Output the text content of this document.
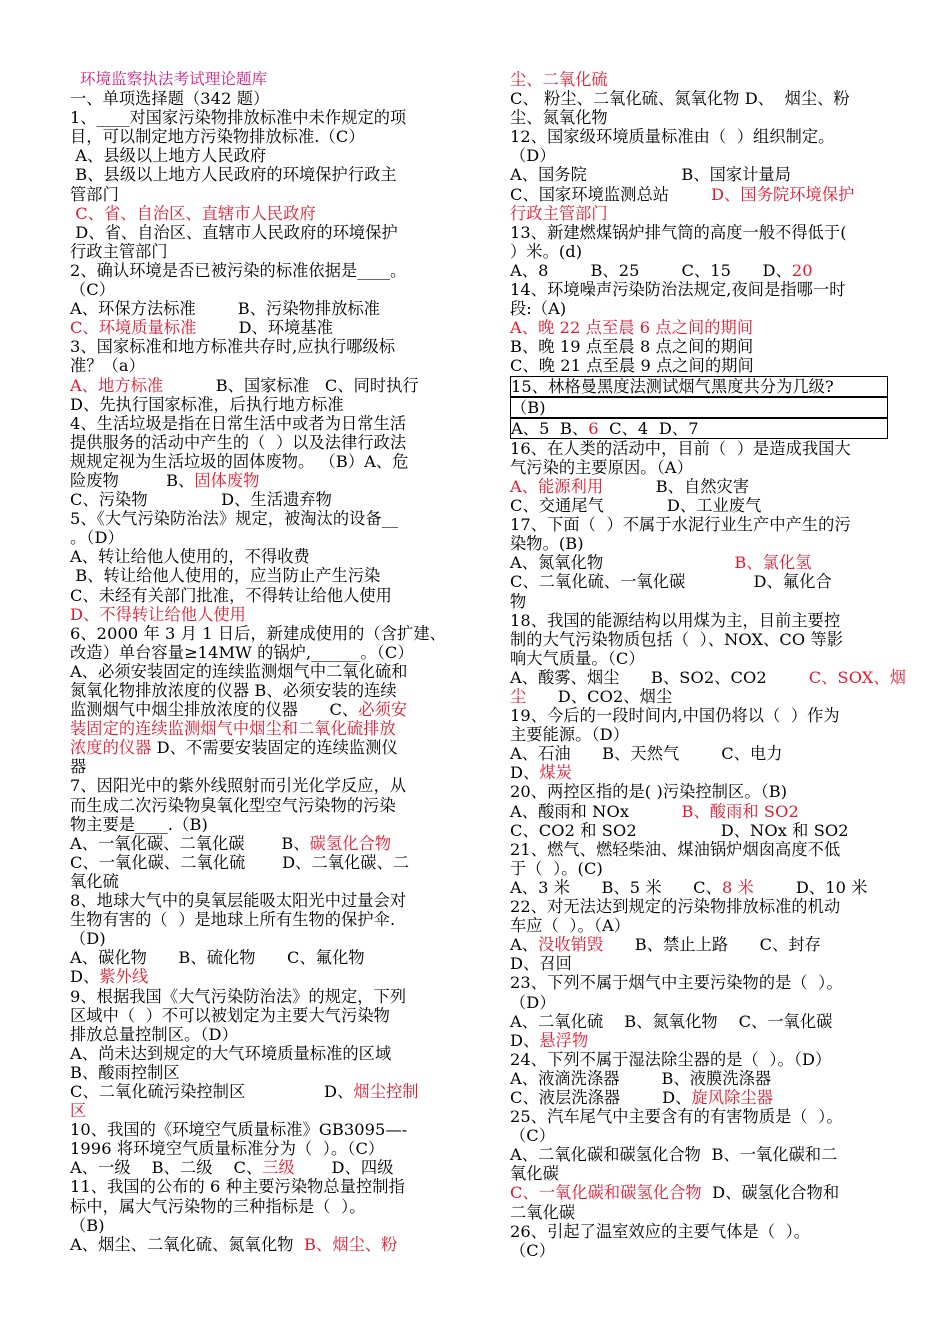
环境监察执法考试理论题库
一、单项选择题（342 题）
1、____对国家污染物排放标准中未作规定的项
目，可以制定地方污染物排放标准.（C）
A、县级以上地方人民政府
B、县级以上地方人民政府的环境保护行政主
管部门
C、省、自治区、直辖市人民政府
D、省、自治区、直辖市人民政府的环境保护
行政主管部门
2、确认环境是否已被污染的标准依据是____。
（C）
A、环保方法标准        B、污染物排放标准
C、环境质量标准        D、环境基准
3、国家标准和地方标准共存时,应执行哪级标
准？（a）
A、地方标准          B、国家标准   C、同时执行
D、先执行国家标准，后执行地方标准
4、生活垃圾是指在日常生活中或者为日常生活
提供服务的活动中产生的（  ）以及法律行政法
规规定视为生活垃圾的固体废物。 （B）A、危
险废物         B、固体废物
C、污染物              D、生活遗弃物
5、《大气污染防治法》规定，被淘汰的设备__
。（D）
A、转让给他人使用的，不得收费
B、转让给他人使用的，应当防止产生污染
C、未经有关部门批准，不得转让给他人使用
D、不得转让给他人使用
6、2000 年 3 月 1 日后，新建成使用的（含扩建、
改造）单台容量≥14MW 的锅炉,______。（C）
A、必须安装固定的连续监测烟气中二氧化硫和
氮氧化物排放浓度的仪器 B、必须安装的连续
监测烟气中烟尘排放浓度的仪器      C、必须安
装固定的连续监测烟气中烟尘和二氧化硫排放
浓度的仪器 D、不需要安装固定的连续监测仪
器
7、因阳光中的紫外线照射而引光化学反应，从
而生成二次污染物臭氧化型空气污染物的污染
物主要是____.（B)
A、一氧化碳、二氧化碳       B、碳氢化合物
C、一氧化碳、二氧化硫       D、二氧化碳、二
氧化硫
8、地球大气中的臭氧层能吸太阳光中过量会对
生物有害的（  ）是地球上所有生物的保护伞.
（D)
A、碳化物      B、硫化物      C、氟化物
D、紫外线
9、根据我国《大气污染防治法》的规定，下列
区域中（  ）不可以被划定为主要大气污染物
排放总量控制区。（D）
A、尚未达到规定的大气环境质量标准的区域
B、酸雨控制区
C、二氧化硫污染控制区               D、烟尘控制
区
10、我国的《环境空气质量标准》GB3095—-
1996 将环境空气质量标准分为（  ）。（C）
A、一级    B、二级    C、三级       D、四级
11、我国的公布的 6 种主要污染物总量控制指
标中，属大气污染物的三种指标是（  ）。
（B)
A、烟尘、二氧化硫、氮氧化物  B、烟尘、粉
尘、二氧化硫
C、 粉尘、二氧化硫、氮氧化物 D、  烟尘、粉
尘、氮氧化物
12、国家级环境质量标准由（  ）组织制定。
（D）
A、国务院                  B、国家计量局
C、国家环境监测总站        D、国务院环境保护
行政主管部门
13、新建燃煤锅炉排气筒的高度一般不得低于(
）米。(d)
A、8        B、25        C、15      D、20
14、环境噪声污染防治法规定,夜间是指哪一时
段:（A)
A、晚 22 点至晨 6 点之间的期间
B、晚 19 点至晨 8 点之间的期间
C、晚 21 点至晨 9 点之间的期间
15、林格曼黑度法测试烟气黑度共分为几级?
（B)
A、5  B、6  C、4  D、7
16、在人类的活动中，目前（  ）是造成我国大
气污染的主要原因。（A）
A、能源利用          B、自然灾害
C、交通尾气            D、工业废气
17、下面（  ）不属于水泥行业生产中产生的污
染物。(B)
A、氮氧化物                         B、氯化氢
C、二氧化硫、一氧化碳             D、氟化合
物
18、我国的能源结构以用煤为主，目前主要控
制的大气污染物质包括（  ）、NOX、CO 等影
响大气质量。（C）
A、酸雾、烟尘      B、SO2、CO2        C、SOX、烟
尘      D、CO2、烟尘
19、今后的一段时间内,中国仍将以（  ）作为
主要能源。（D）
A、石油      B、天然气        C、电力
D、煤炭
20、两控区指的是( )污染控制区。（B)
A、酸雨和 NOx          B、酸雨和 SO2
C、CO2 和 SO2                D、NOx 和 SO2
21、燃气、燃轻柴油、煤油锅炉烟囱高度不低
于（  ）。(C)
A、3 米      B、5 米      C、8 米        D、10 米
22、对无法达到规定的污染物排放标准的机动
车应（  ）。（A）
A、没收销毁      B、禁止上路      C、封存
D、召回
23、下列不属于烟气中主要污染物的是（  ）。
（D）
A、二氧化硫    B、氮氧化物    C、一氧化碳
D、悬浮物
24、下列不属于湿法除尘器的是（  ）。（D）
A、液滴洗涤器        B、液膜洗涤器
C、液层洗涤器        D、旋风除尘器
25、汽车尾气中主要含有的有害物质是（  ）。
（C）
A、二氧化碳和碳氢化合物  B、一氧化碳和二
氧化碳
C、一氧化碳和碳氢化合物  D、碳氢化合物和
二氧化碳
26、引起了温室效应的主要气体是（  ）。
（C）
